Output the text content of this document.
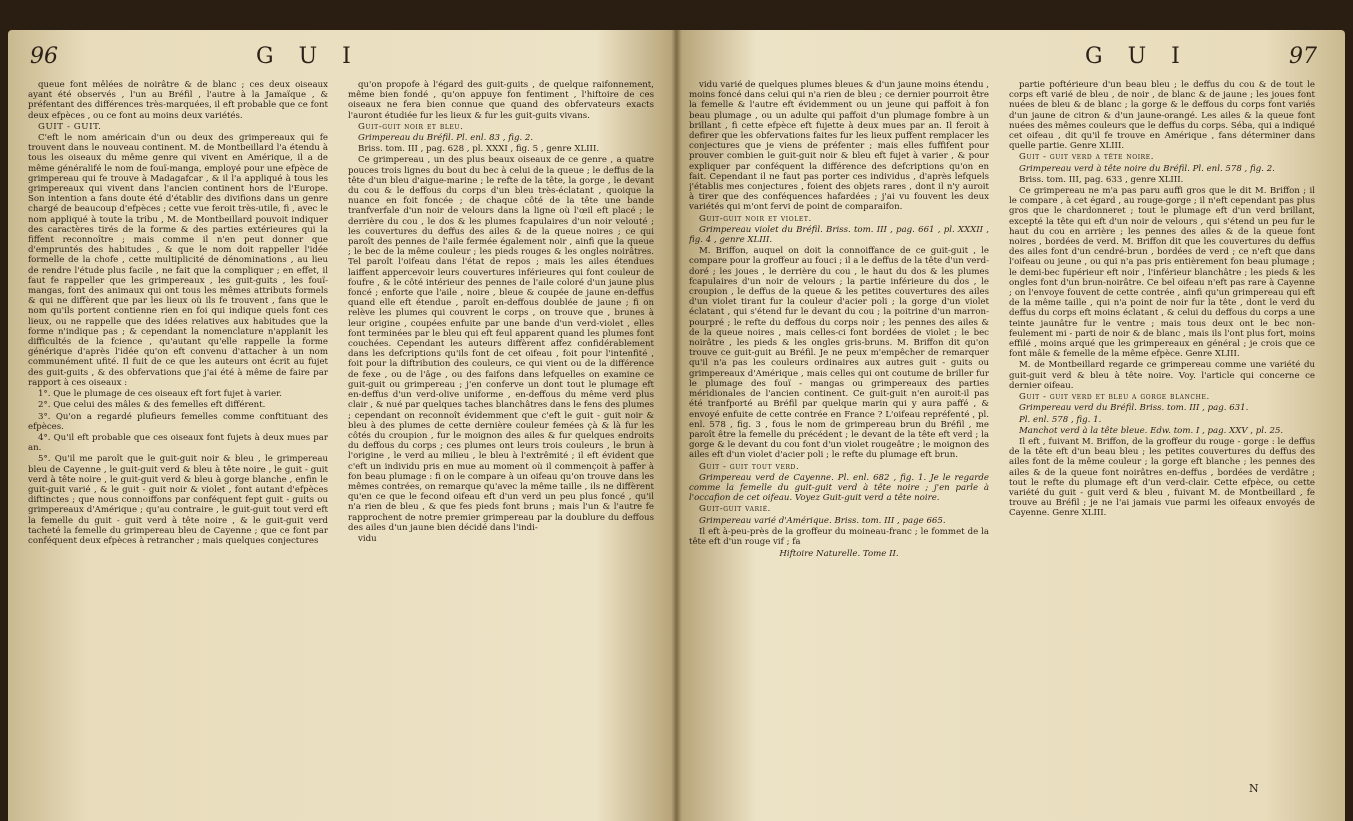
96	G U I

queue font mêlées de noirâtre & de blanc ; ces deux oiseaux ayant été observés , l'un au Bréfil , l'autre à la Jamaïque , & préfentant des différences très-marquées, il eft probable que ce font deux efpèces , ou ce font au moins deux variétés.

GUIT - GUIT.

C'eft le nom américain d'un ou deux des grimpereaux qui fe trouvent dans le nouveau continent. M. de Montbeillard l'a étendu à tous les oiseaux du même genre qui vivent en Amérique, il a de même généralifé le nom de fouï-manga, employé pour une efpèce de grimpereau qui fe trouve à Madagafcar , & il l'a appliqué à tous les grimpereaux qui vivent dans l'ancien continent hors de l'Europe. Son intention a fans doute été d'établir des divifions dans un genre chargé de beaucoup d'efpèces ; cette vue feroit très-utile, fi , avec le nom appliqué à toute la tribu , M. de Montbeillard pouvoit indiquer des caractères tirés de la forme & des parties extérieures qui la fiffent reconnoître ; mais comme il n'en peut donner que d'empruntés des habitudes , & que le nom doit rappeller l'idée formelle de la chofe , cette multiplicité de dénominations , au lieu de rendre l'étude plus facile , ne fait que la compliquer ; en effet, il faut fe rappeller que les grimpereaux , les guit-guits , les fouï-mangas, font des animaux qui ont tous les mêmes attributs formels & qui ne diffèrent que par les lieux où ils fe trouvent , fans que le nom qu'ils portent contienne rien en foi qui indique quels font ces lieux, ou ne rappelle que des idées relatives aux habitudes que la forme n'indique pas ; & cependant la nomenclature n'applanit les difficultés de la fcience , qu'autant qu'elle rappelle la forme générique d'après l'idée qu'on eft convenu d'attacher à un nom communément ufité. Il fuit de ce que les auteurs ont écrit au fujet des guit-guits , & des obfervations que j'ai été à même de faire par rapport à ces oiseaux :

1°. Que le plumage de ces oiseaux eft fort fujet à varier.

2°. Que celui des mâles & des femelles eft différent.

3°. Qu'on a regardé plufieurs femelles comme conftituant des efpèces.

4°. Qu'il eft probable que ces oiseaux font fujets à deux mues par an.

5°. Qu'il me paroît que le guit-guit noir & bleu , le grimpereau bleu de Cayenne , le guit-guit verd & bleu à tête noire , le guit - guit verd à tête noire , le guit-guit verd & bleu à gorge blanche , enfin le guit-guit varié , & le guit - guit noir & violet , font autant d'efpèces diftinctes ; que nous connoiffons par conféquent fept guit - guits ou grimpereaux d'Amérique ; qu'au contraire , le guit-guit tout verd eft la femelle du guit - guit verd à tête noire , & le guit-guit verd tacheté la femelle du grimpereau bleu de Cayenne ; que ce font par conféquent deux efpèces à retrancher ; mais quelques conjectures

qu'on propofe à l'égard des guit-guits , de quelque raifonnement, même bien fondé , qu'on appuye fon fentiment , l'hiftoire de ces oiseaux ne fera bien connue que quand des obfervateurs exacts l'auront étudiée fur les lieux & fur les guit-guits vivans.

Guit-guit noir et bleu.

Grimpereau du Bréfil. Pl. enl. 83 , fig. 2.

Briss. tom. III , pag. 628 , pl. XXXI , fig. 5 , genre XLIII.

Ce grimpereau , un des plus beaux oiseaux de ce genre , a quatre pouces trois lignes du bout du bec à celui de la queue ; le deffus de la tête d'un bleu d'aigue-marine ; le refte de la tête, la gorge , le devant du cou & le deffous du corps d'un bleu très-éclatant , quoique la nuance en foit foncée ; de chaque côté de la tête une bande tranfverfale d'un noir de velours dans la ligne où l'œil eft placé ; le derrière du cou , le dos & les plumes fcapulaires d'un noir velouté ; les couvertures du deffus des ailes & de la queue noires ; ce qui paroît des pennes de l'aile fermée également noir , ainfi que la queue ; le bec de la même couleur ; les pieds rouges & les ongles noirâtres. Tel paroît l'oifeau dans l'état de repos ; mais les ailes étendues laiffent appercevoir leurs couvertures inférieures qui font couleur de foufre , & le côté intérieur des pennes de l'aile coloré d'un jaune plus foncé ; enforte que l'aile , noire , bleue & coupée de jaune en-deffus quand elle eft étendue , paroît en-deffous doublée de jaune ; fi on relève les plumes qui couvrent le corps , on trouve que , brunes à leur origine , coupées enfuite par une bande d'un verd-violet , elles font terminées par le bleu qui eft feul apparent quand les plumes font couchées. Cependant les auteurs diffèrent affez confidérablement dans les defcriptions qu'ils font de cet oifeau , foit pour l'intenfité , foit pour la diftribution des couleurs, ce qui vient ou de la différence de fexe , ou de l'âge , ou des faifons dans lefquelles on examine ce guit-guit ou grimpereau ; j'en conferve un dont tout le plumage eft en-deffus d'un verd-olive uniforme , en-deffous du même verd plus clair , & nué par quelques taches blanchâtres dans le fens des plumes ; cependant on reconnoît évidemment que c'eft le guit - guit noir & bleu à des plumes de cette dernière couleur femées çà & là fur les côtés du croupion , fur le moignon des ailes & fur quelques endroits du deffous du corps ; ces plumes ont leurs trois couleurs , le brun à l'origine , le verd au milieu , le bleu à l'extrêmité ; il eft évident que c'eft un individu pris en mue au moment où il commençoit à paffer à fon beau plumage : fi on le compare à un oifeau qu'on trouve dans les mêmes contrées, on remarque qu'avec la même taille , ils ne diffèrent qu'en ce que le fecond oifeau eft d'un verd un peu plus foncé , qu'il n'a rien de bleu , & que fes pieds font bruns ; mais l'un & l'autre fe rapprochent de notre premier grimpereau par la doublure du deffous des ailes d'un jaune bien décidé dans l'indi-

vidu

G U I	97

vidu varié de quelques plumes bleues & d'un jaune moins étendu , moins foncé dans celui qui n'a rien de bleu ; ce dernier pourroit être la femelle & l'autre eft évidemment ou un jeune qui paffoit à fon beau plumage , ou un adulte qui paffoit d'un plumage fombre à un brillant , fi cette efpèce eft fujette à deux mues par an. Il feroit à defirer que les obfervations faites fur les lieux puffent remplacer les conjectures que je viens de préfenter ; mais elles fuffifent pour prouver combien le guit-guit noir & bleu eft fujet à varier , & pour expliquer par conféquent la différence des defcriptions qu'on en fait. Cependant il ne faut pas porter ces individus , d'après lefquels j'établis mes conjectures , foient des objets rares , dont il n'y auroit à tirer que des conféquences hafardées ; j'ai vu fouvent les deux variétés qui m'ont fervi de point de comparaifon.

Guit-guit noir et violet.

Grimpereau violet du Bréfil. Briss. tom. III , pag. 661 , pl. XXXII , fig. 4 , genre XLIII.

M. Briffon, auquel on doit la connoiffance de ce guit-guit , le compare pour la groffeur au fouci ; il a le deffus de la tête d'un verd-doré ; les joues , le derrière du cou , le haut du dos & les plumes fcapulaires d'un noir de velours ; la partie inférieure du dos , le croupion , le deffus de la queue & les petites couvertures des ailes d'un violet tirant fur la couleur d'acier poli ; la gorge d'un violet éclatant , qui s'étend fur le devant du cou ; la poitrine d'un marron-pourpré ; le refte du deffous du corps noir ; les pennes des ailes & de la queue noires , mais celles-ci font bordées de violet ; le bec noirâtre , les pieds & les ongles gris-bruns. M. Briffon dit qu'on trouve ce guit-guit au Bréfil. Je ne peux m'empêcher de remarquer qu'il n'a pas les couleurs ordinaires aux autres guit - guits ou grimpereaux d'Amérique , mais celles qui ont coutume de briller fur le plumage des fouï - mangas ou grimpereaux des parties méridionales de l'ancien continent. Ce guit-guit n'en auroit-il pas été tranfporté au Bréfil par quelque marin qui y aura paffé , & envoyé enfuite de cette contrée en France ? L'oifeau repréfenté , pl. enl. 578 , fig. 3 , fous le nom de grimpereau brun du Bréfil , me paroît être la femelle du précédent ; le devant de la tête eft verd ; la gorge & le devant du cou font d'un violet rougeâtre ; le moignon des ailes eft d'un violet d'acier poli ; le refte du plumage eft brun.

Guit - guit tout verd.

Grimpereau verd de Cayenne. Pl. enl. 682 , fig. 1. Je le regarde comme la femelle du guit-guit verd à tête noire ; j'en parle à l'occafion de cet oifeau. Voyez Guit-guit verd a tête noire.

Guit-guit varié.

Grimpereau varié d'Amérique. Briss. tom. III , page 665.

Il eft à-peu-près de la groffeur du moineau-franc ; le fommet de la tête eft d'un rouge vif ; fa

Hiftoire Naturelle. Tome II.

partie poftérieure d'un beau bleu ; le deffus du cou & de tout le corps eft varié de bleu , de noir , de blanc & de jaune ; les joues font nuées de bleu & de blanc ; la gorge & le deffous du corps font variés d'un jaune de citron & d'un jaune-orangé. Les ailes & la queue font nuées des mêmes couleurs que le deffus du corps. Séba, qui a indiqué cet oifeau , dit qu'il fe trouve en Amérique , fans déterminer dans quelle partie. Genre XLIII.

Guit - guit verd a tête noire.

Grimpereau verd à tête noire du Bréfil. Pl. enl. 578 , fig. 2.

Briss. tom. III, pag. 633 , genre XLIII.

Ce grimpereau ne m'a pas paru auffi gros que le dit M. Briffon ; il le compare , à cet égard , au rouge-gorge ; il n'eft cependant pas plus gros que le chardonneret ; tout le plumage eft d'un verd brillant, excepté la tête qui eft d'un noir de velours , qui s'étend un peu fur le haut du cou en arrière ; les pennes des ailes & de la queue font noires , bordées de verd. M. Briffon dit que les couvertures du deffus des ailes font d'un cendré-brun , bordées de verd ; ce n'eft que dans l'oifeau ou jeune , ou qui n'a pas pris entièrement fon beau plumage ; le demi-bec fupérieur eft noir , l'inférieur blanchâtre ; les pieds & les ongles font d'un brun-noirâtre. Ce bel oifeau n'eft pas rare à Cayenne ; on l'envoye fouvent de cette contrée , ainfi qu'un grimpereau qui eft de la même taille , qui n'a point de noir fur la tête , dont le verd du deffus du corps eft moins éclatant , & celui du deffous du corps a une teinte jaunâtre fur le ventre ; mais tous deux ont le bec non-feulement mi - parti de noir & de blanc , mais ils l'ont plus fort, moins effilé , moins arqué que les grimpereaux en général ; je crois que ce font mâle & femelle de la même efpèce. Genre XLIII.

M. de Montbeillard regarde ce grimpereau comme une variété du guit-guit verd & bleu à tête noire. Voy. l'article qui concerne ce dernier oifeau.

Guit - guit verd et bleu a gorge blanche.

Grimpereau verd du Bréfil. Briss. tom. III , pag. 631.

Pl. enl. 578 , fig. 1.

Manchot verd à la tête bleue. Edw. tom. I , pag. XXV , pl. 25.

Il eft , fuivant M. Briffon, de la groffeur du rouge - gorge : le deffus de la tête eft d'un beau bleu ; les petites couvertures du deffus des ailes font de la même couleur ; la gorge eft blanche ; les pennes des ailes & de la queue font noirâtres en-deffus , bordées de verdâtre ; tout le refte du plumage eft d'un verd-clair. Cette efpèce, ou cette variété du guit - guit verd & bleu , fuivant M. de Montbeillard , fe trouve au Bréfil ; je ne l'ai jamais vue parmi les oifeaux envoyés de Cayenne. Genre XLIII.

N
